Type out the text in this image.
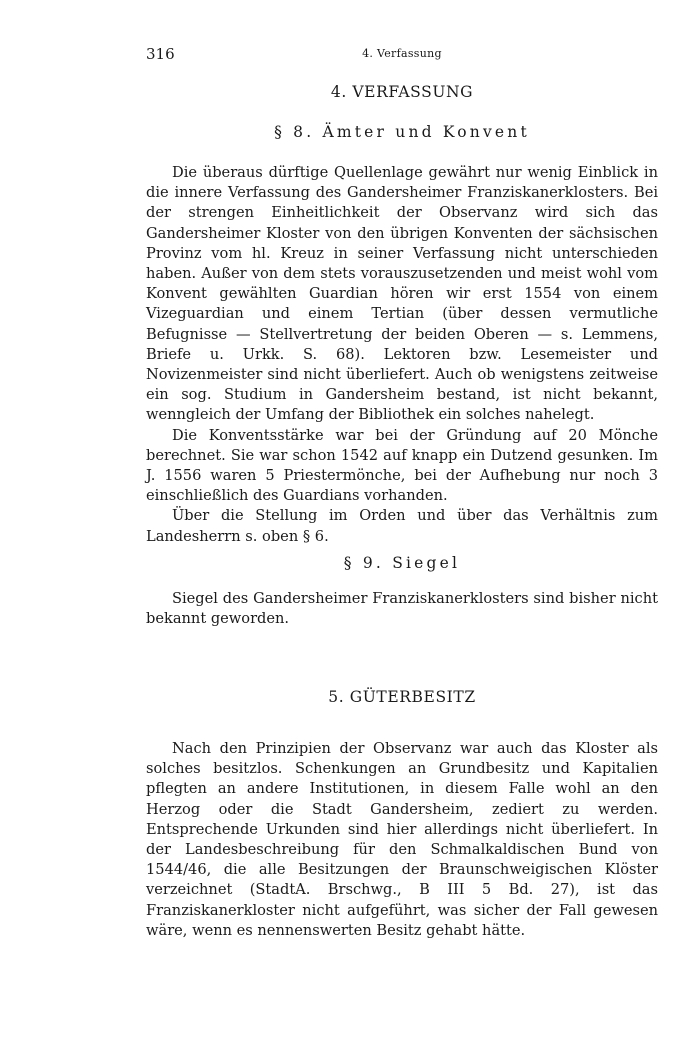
316	4. Verfassung
4. VERFASSUNG
§ 8. Ämter und Konvent

Die überaus dürftige Quellenlage gewährt nur wenig Einblick in die innere Verfassung des Gandersheimer Franziskanerklosters. Bei der strengen Einheitlichkeit der Observanz wird sich das Gandersheimer Kloster von den übrigen Konventen der sächsischen Provinz vom hl. Kreuz in seiner Verfassung nicht unterschieden haben. Außer von dem stets vorauszusetzenden und meist wohl vom Konvent gewählten Guardian hören wir erst 1554 von einem Vizeguardian und einem Tertian (über dessen vermutliche Befugnisse — Stellvertretung der beiden Oberen — s. Lemmens, Briefe u. Urkk. S. 68). Lektoren bzw. Lesemeister und Novizenmeister sind nicht überliefert. Auch ob wenigstens zeitweise ein sog. Studium in Gandersheim bestand, ist nicht bekannt, wenngleich der Umfang der Bibliothek ein solches nahelegt.

Die Konventsstärke war bei der Gründung auf 20 Mönche berechnet. Sie war schon 1542 auf knapp ein Dutzend gesunken. Im J. 1556 waren 5 Priestermönche, bei der Aufhebung nur noch 3 einschließlich des Guardians vorhanden.

Über die Stellung im Orden und über das Verhältnis zum Landesherrn s. oben § 6.

§ 9. Siegel

Siegel des Gandersheimer Franziskanerklosters sind bisher nicht bekannt geworden.

5. GÜTERBESITZ

Nach den Prinzipien der Observanz war auch das Kloster als solches besitzlos. Schenkungen an Grundbesitz und Kapitalien pflegten an andere Institutionen, in diesem Falle wohl an den Herzog oder die Stadt Gandersheim, zediert zu werden. Entsprechende Urkunden sind hier allerdings nicht überliefert. In der Landesbeschreibung für den Schmalkaldischen Bund von 1544/46, die alle Besitzungen der Braunschweigischen Klöster verzeichnet (StadtA. Brschwg., B III 5 Bd. 27), ist das Franziskanerkloster nicht aufgeführt, was sicher der Fall gewesen wäre, wenn es nennenswerten Besitz gehabt hätte.
